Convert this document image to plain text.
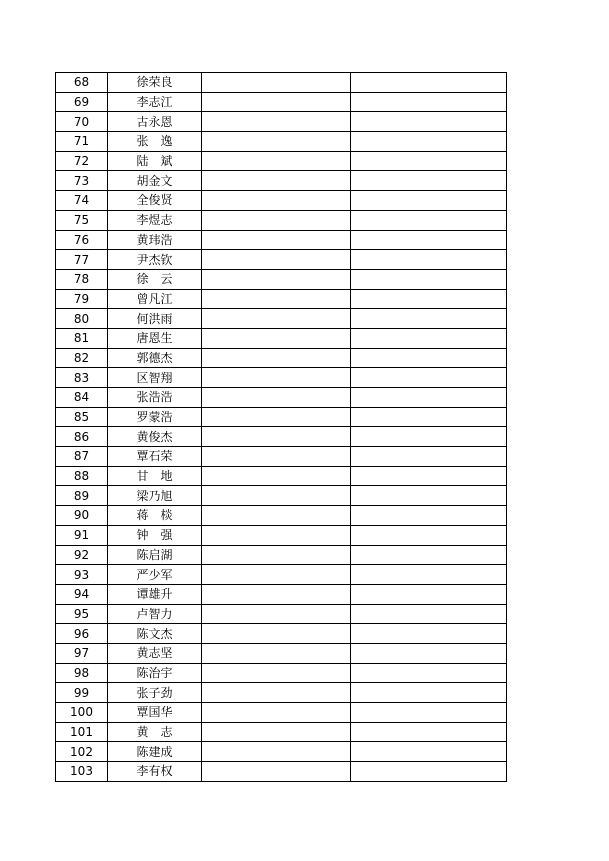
68	徐荣良		
69	李志江		
70	古永恩		
71	张　逸		
72	陆　斌		
73	胡金文		
74	全俊贤		
75	李煜志		
76	黄玮浩		
77	尹杰钦		
78	徐　云		
79	曾凡江		
80	何洪雨		
81	唐恩生		
82	郭德杰		
83	区智翔		
84	张浩浩		
85	罗蒙浩		
86	黄俊杰		
87	覃石荣		
88	甘　地		
89	梁乃旭		
90	蒋　棪		
91	钟　强		
92	陈启湖		
93	严少军		
94	谭雄升		
95	卢智力		
96	陈文杰		
97	黄志坚		
98	陈治宇		
99	张子劲		
100	覃国华		
101	黄　志		
102	陈建成		
103	李有权		
